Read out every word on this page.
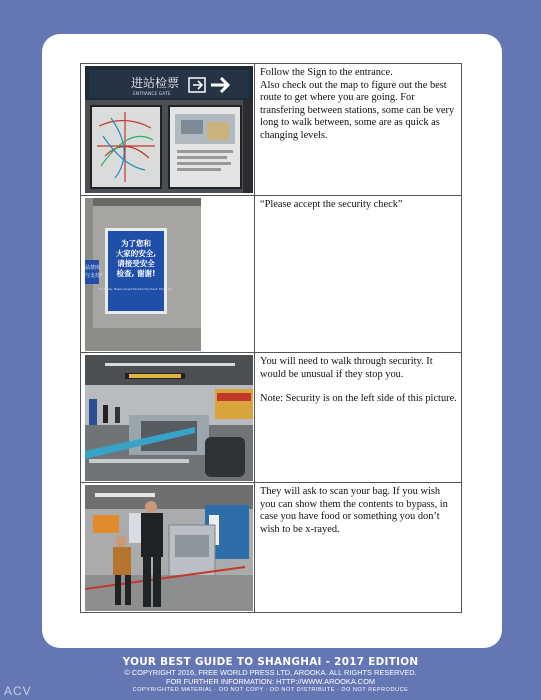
进站检票
ENTRANCE GATE

Follow the Sign to the entrance.

Also check out the map to figure out the best route to get where you are going. For transfering between stations, some can be very long to walk between, some are as quick as changing levels.

品禁库,
与支持!
为了您和
大家的安全,
请接受安全
检查, 谢谢!
For Safety, Please Accept the Security Check. Thank You.

“Please accept the security check”

You will need to walk through security. It would be unusual if they stop you.

Note: Security is on the left side of this picture.

They will ask to scan your bag. If you wish you can show them the contents to bypass, in case you have food or something you don’t wish to be x-rayed.

YOUR BEST GUIDE TO SHANGHAI - 2017 EDITION
© COPYRIGHT 2016, FREE WORLD PRESS LTD, AROOKA. ALL RIGHTS RESERVED.
FOR FURTHER INFORMATION: HTTP://WWW.AROOKA.COM
COPYRIGHTED MATERIAL · DO NOT COPY · DO NOT DISTRIBUTE · DO NOT REPRODUCE
ACV
